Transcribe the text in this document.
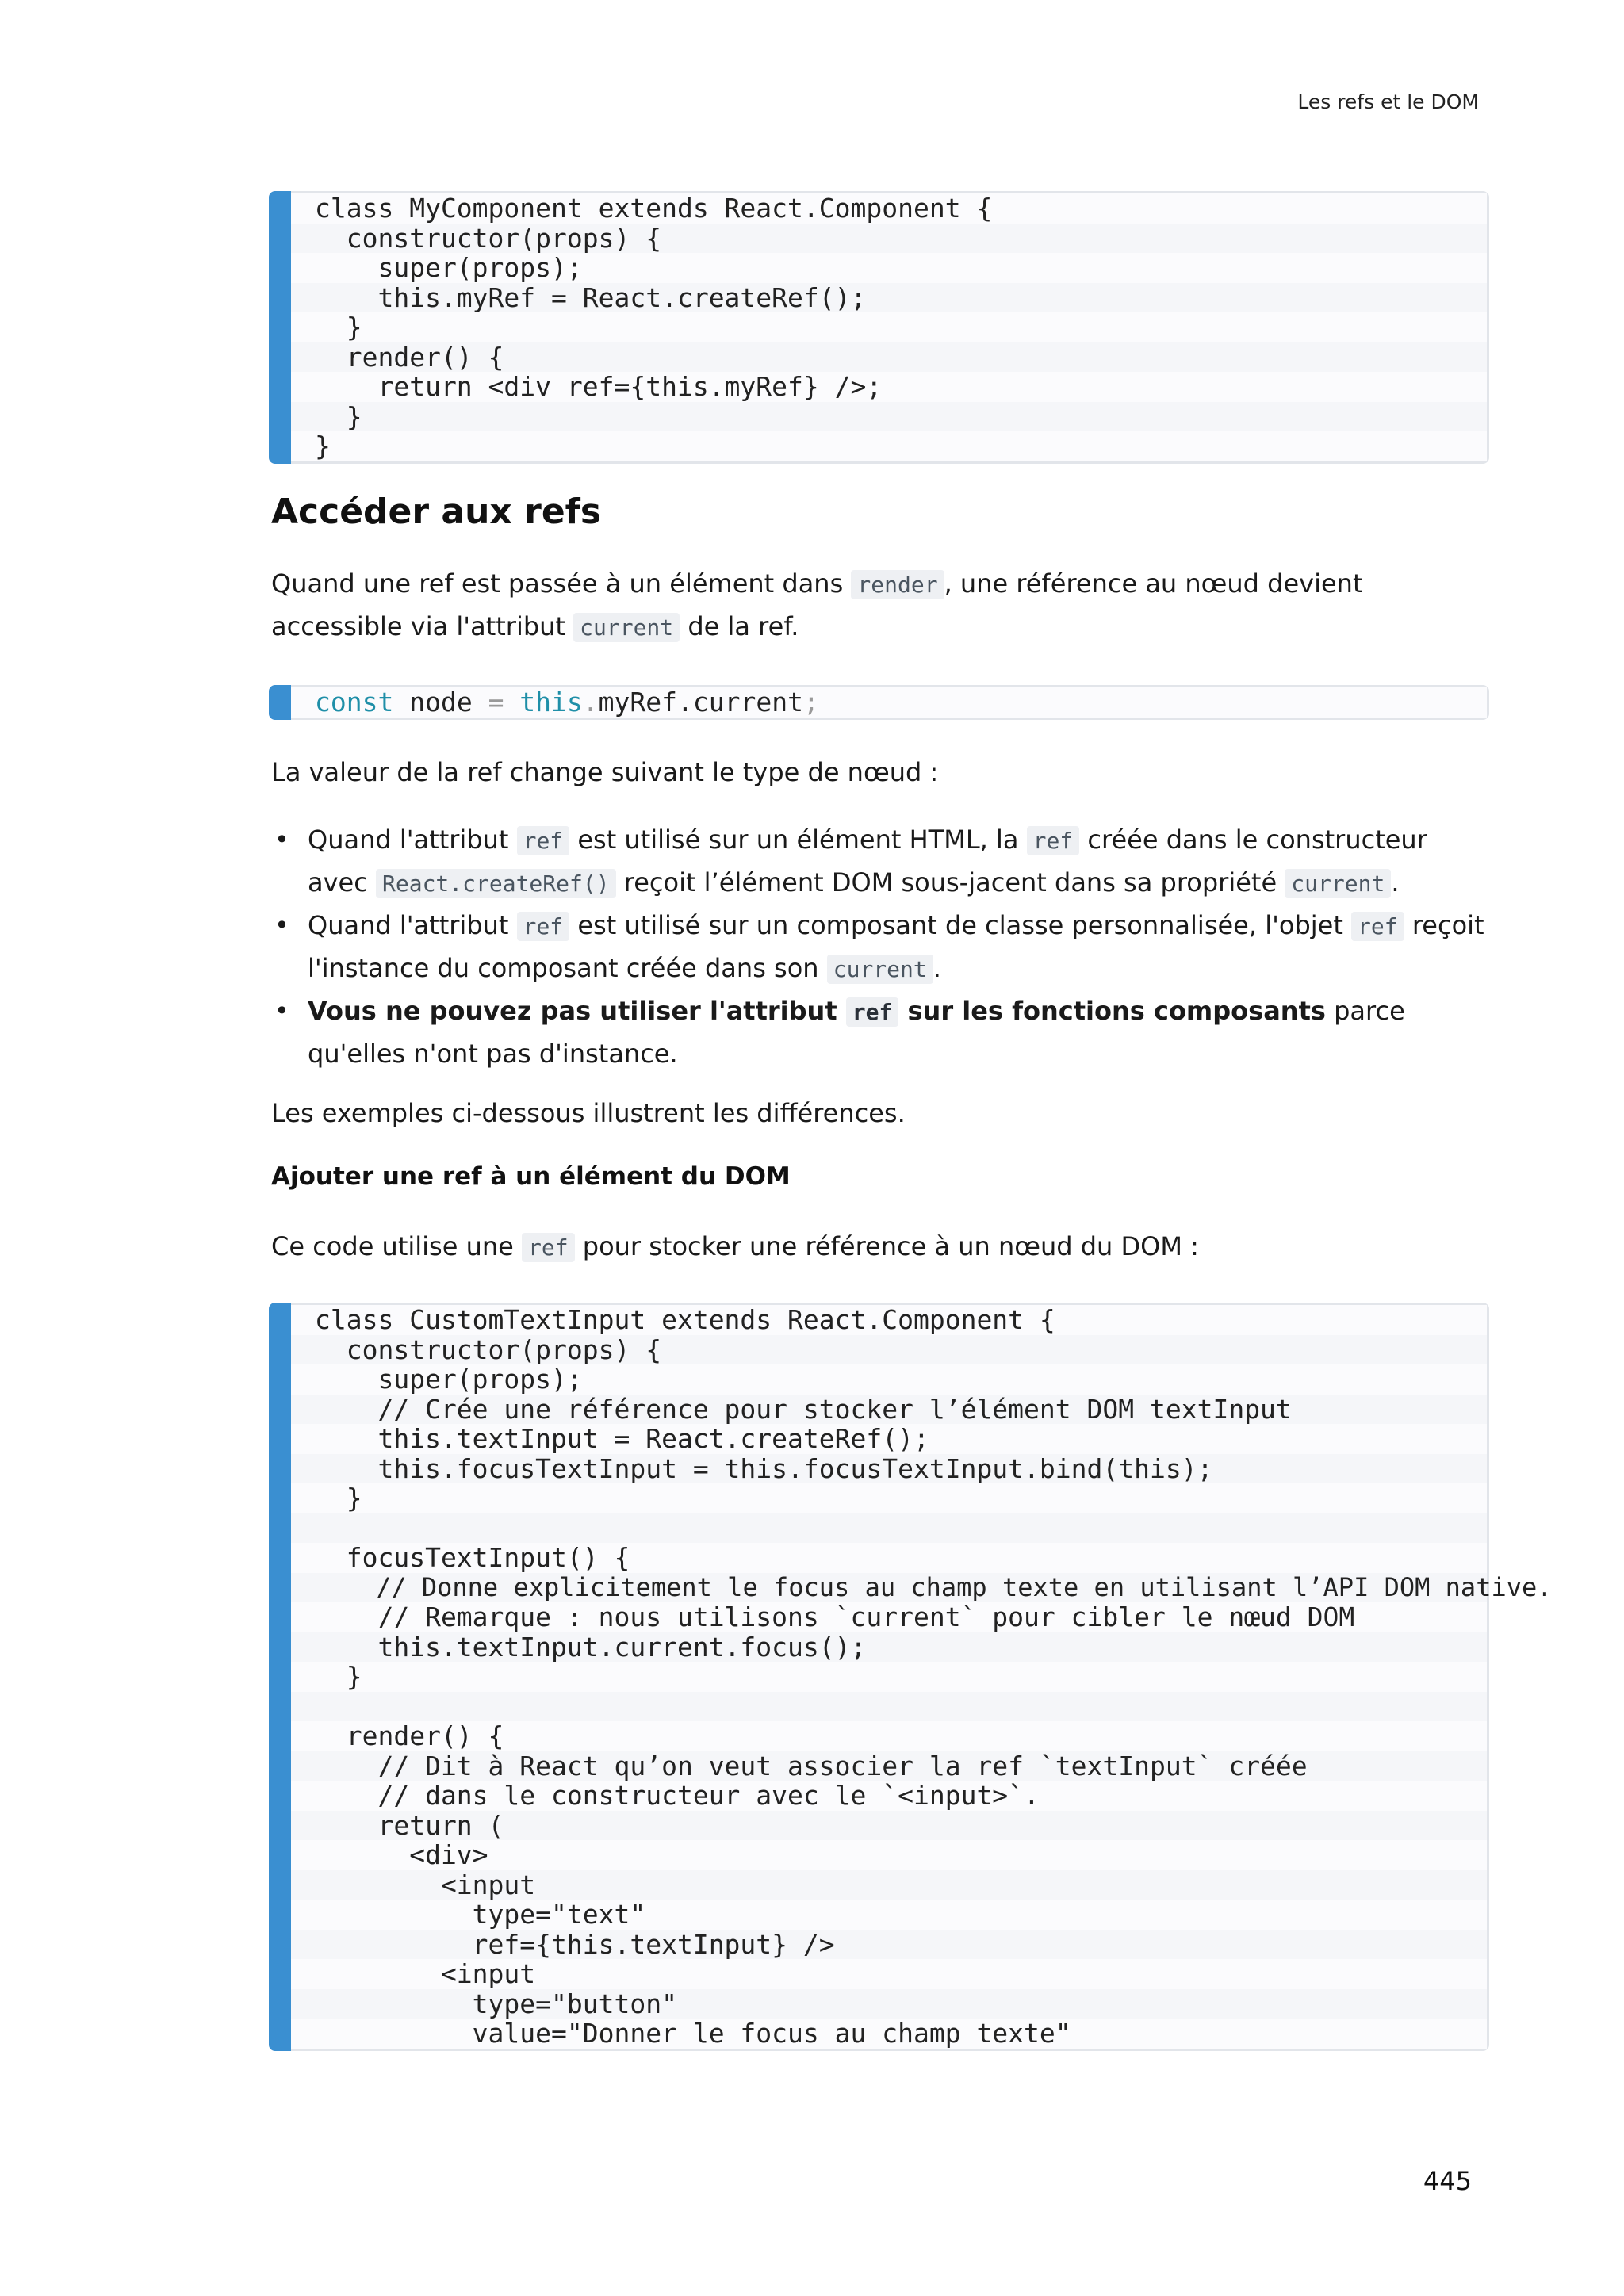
Les refs et le DOM
class MyComponent extends React.Component {
constructor(props) {
super(props);
this.myRef = React.createRef();
}
render() {
return <div ref={this.myRef} />;
}
}
Accéder aux refs

Quand une ref est passée à un élément dans render , une référence au nœud devient accessible via l'attribut current de la ref.

const node = this.myRef.current;

La valeur de la ref change suivant le type de nœud :

• Quand l'attribut ref est utilisé sur un élément HTML, la ref créée dans le constructeur avec React.createRef() reçoit l’élément DOM sous-jacent dans sa propriété current .
• Quand l'attribut ref est utilisé sur un composant de classe personnalisée, l'objet ref reçoit l'instance du composant créée dans son current .
• Vous ne pouvez pas utiliser l'attribut ref sur les fonctions composants parce qu'elles n'ont pas d'instance.

Les exemples ci-dessous illustrent les différences.

Ajouter une ref à un élément du DOM

Ce code utilise une ref pour stocker une référence à un nœud du DOM :

class CustomTextInput extends React.Component {
constructor(props) {
super(props);
// Crée une référence pour stocker l’élément DOM textInput
this.textInput = React.createRef();
this.focusTextInput = this.focusTextInput.bind(this);
}
focusTextInput() {
// Donne explicitement le focus au champ texte en utilisant l’API DOM native.
// Remarque : nous utilisons `current` pour cibler le nœud DOM
this.textInput.current.focus();
}
render() {
// Dit à React qu’on veut associer la ref `textInput` créée
// dans le constructeur avec le `<input>`.
return (
<div>
<input
type="text"
ref={this.textInput} />
<input
type="button"
value="Donner le focus au champ texte"
445
